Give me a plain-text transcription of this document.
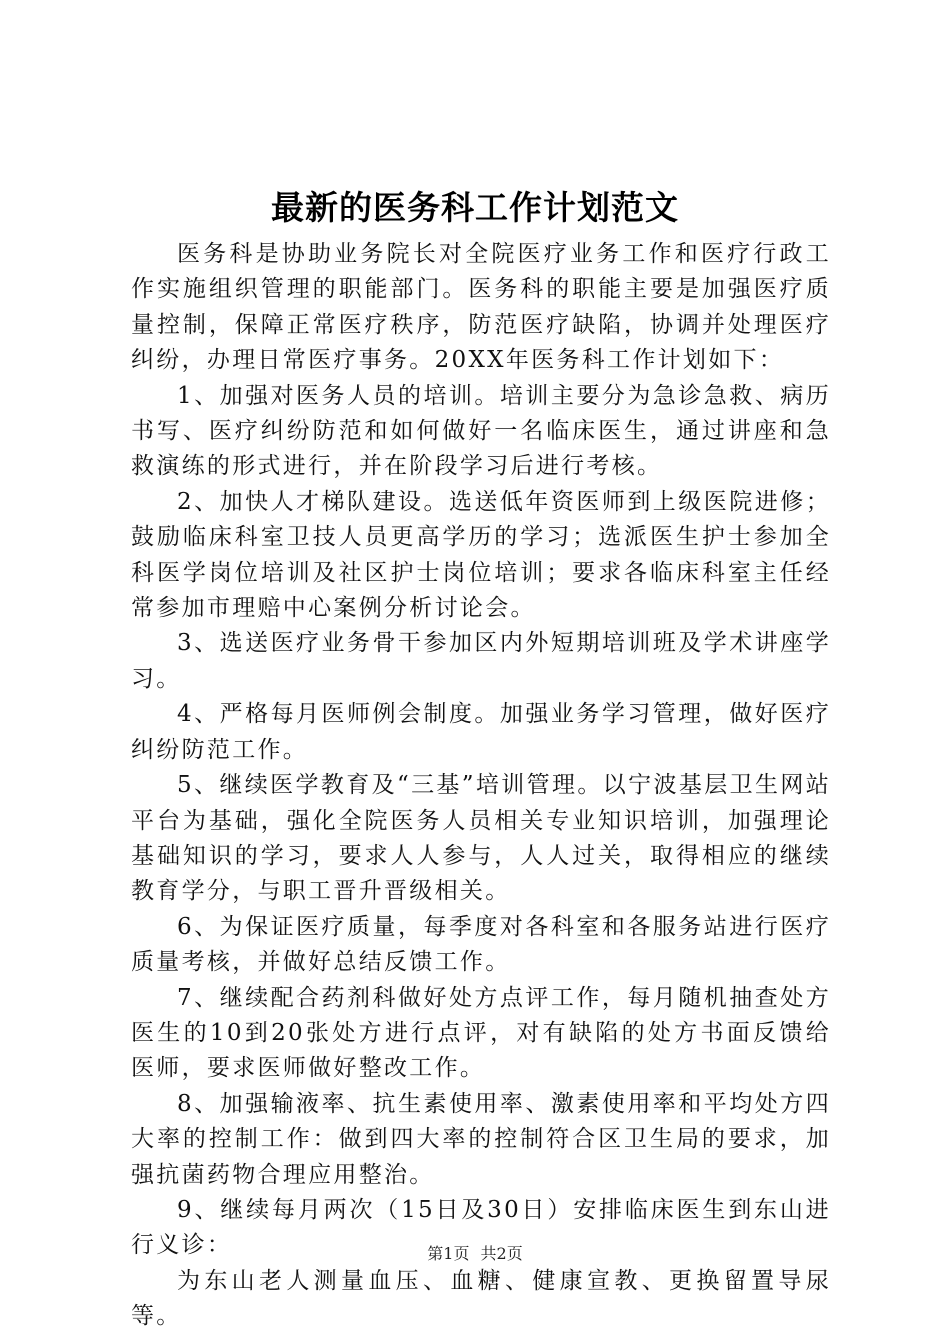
最新的医务科工作计划范文

医务科是协助业务院长对全院医疗业务工作和医疗行政工作实施组织管理的职能部门。医务科的职能主要是加强医疗质量控制，保障正常医疗秩序，防范医疗缺陷，协调并处理医疗纠纷，办理日常医疗事务。20XX年医务科工作计划如下：

1、加强对医务人员的培训。培训主要分为急诊急救、病历书写、医疗纠纷防范和如何做好一名临床医生，通过讲座和急救演练的形式进行，并在阶段学习后进行考核。

2、加快人才梯队建设。选送低年资医师到上级医院进修；鼓励临床科室卫技人员更高学历的学习；选派医生护士参加全科医学岗位培训及社区护士岗位培训；要求各临床科室主任经常参加市理赔中心案例分析讨论会。

3、选送医疗业务骨干参加区内外短期培训班及学术讲座学习。

4、严格每月医师例会制度。加强业务学习管理，做好医疗纠纷防范工作。

5、继续医学教育及“三基”培训管理。以宁波基层卫生网站平台为基础，强化全院医务人员相关专业知识培训，加强理论基础知识的学习，要求人人参与，人人过关，取得相应的继续教育学分，与职工晋升晋级相关。

6、为保证医疗质量，每季度对各科室和各服务站进行医疗质量考核，并做好总结反馈工作。

7、继续配合药剂科做好处方点评工作，每月随机抽查处方医生的10到20张处方进行点评，对有缺陷的处方书面反馈给医师，要求医师做好整改工作。

8、加强输液率、抗生素使用率、激素使用率和平均处方四大率的控制工作：做到四大率的控制符合区卫生局的要求，加强抗菌药物合理应用整治。

9、继续每月两次（15日及30日）安排临床医生到东山进行义诊：

为东山老人测量血压、血糖、健康宣教、更换留置导尿等。

第1页 共2页
